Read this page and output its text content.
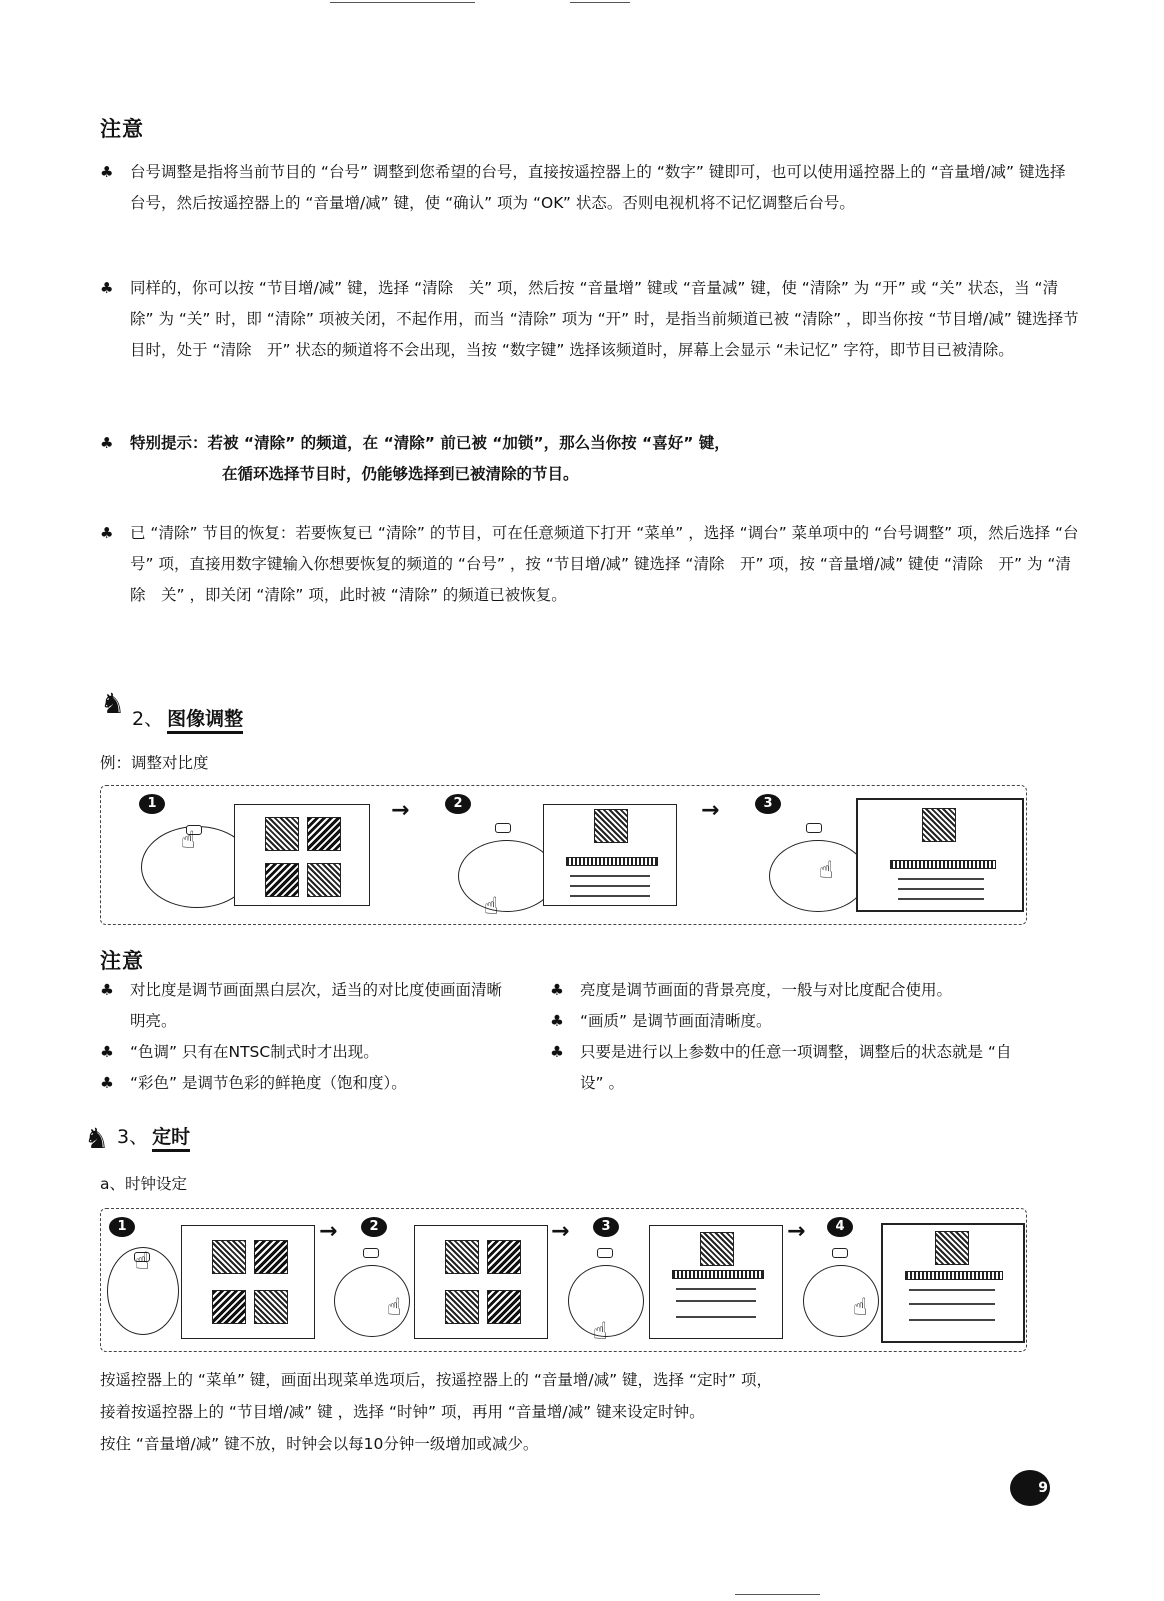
注意
♣ 台号调整是指将当前节目的 “台号” 调整到您希望的台号，直接按遥控器上的 “数字” 键即可，也可以使用遥控器上的 “音量增/减” 键选择台号，然后按遥控器上的 “音量增/减” 键，使 “确认” 项为 “OK” 状态。否则电视机将不记忆调整后台号。
♣ 同样的，你可以按 “节目增/减” 键，选择 “清除　关” 项，然后按 “音量增” 键或 “音量减” 键，使 “清除” 为 “开” 或 “关” 状态，当 “清除” 为 “关” 时，即 “清除” 项被关闭，不起作用，而当 “清除” 项为 “开” 时，是指当前频道已被 “清除” ，即当你按 “节目增/减” 键选择节目时，处于 “清除　开” 状态的频道将不会出现，当按 “数字键” 选择该频道时，屏幕上会显示 “未记忆” 字符，即节目已被清除。
♣ 特别提示：若被 “清除” 的频道，在 “清除” 前已被 “加锁”，那么当你按 “喜好” 键，
在循环选择节目时，仍能够选择到已被清除的节目。
♣ 已 “清除” 节目的恢复：若要恢复已 “清除” 的节目，可在任意频道下打开 “菜单” ，选择 “调台” 菜单项中的 “台号调整” 项，然后选择 “台号” 项，直接用数字键输入你想要恢复的频道的 “台号” ，按 “节目增/减” 键选择 “清除　开” 项，按 “音量增/减” 键使 “清除　开” 为 “清除　关” ，即关闭 “清除” 项，此时被 “清除” 的频道已被恢复。
♞ 2、 图像调整
例：调整对比度
1
☝
→	2
☝
→	3
☝
注意
♣ 对比度是调节画面黑白层次，适当的对比度使画面清晰明亮。
♣ “色调” 只有在NTSC制式时才出现。
♣ “彩色” 是调节色彩的鲜艳度（饱和度）。
♣ 亮度是调节画面的背景亮度，一般与对比度配合使用。
♣ “画质” 是调节画面清晰度。
♣ 只要是进行以上参数中的任意一项调整，调整后的状态就是 “自设” 。
♞ 3、 定时
a、时钟设定
1
☝
→	2
☝
→	3
☝
→	4
☝
按遥控器上的 “菜单” 键，画面出现菜单选项后，按遥控器上的 “音量增/减” 键，选择 “定时” 项，
接着按遥控器上的 “节目增/减” 键 ，选择 “时钟” 项，再用 “音量增/减” 键来设定时钟。
按住 “音量增/减” 键不放，时钟会以每10分钟一级增加或减少。
9
